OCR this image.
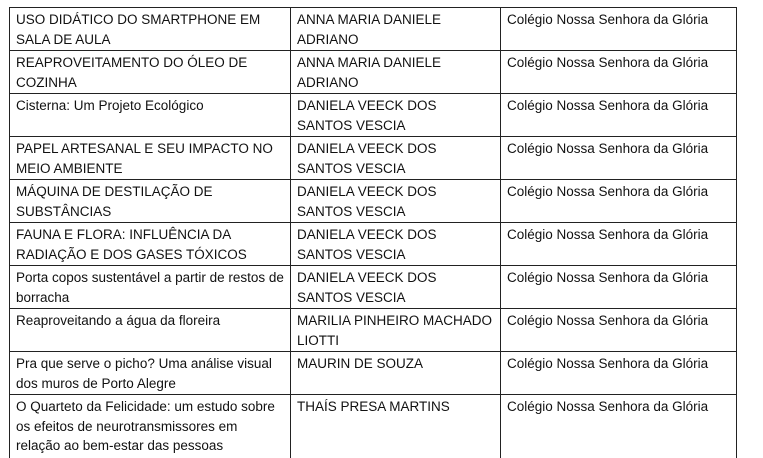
USO DIDÁTICO DO SMARTPHONE EM SALA DE AULA	ANNA MARIA DANIELE ADRIANO	Colégio Nossa Senhora da Glória
REAPROVEITAMENTO DO ÓLEO DE COZINHA	ANNA MARIA DANIELE ADRIANO	Colégio Nossa Senhora da Glória
Cisterna: Um Projeto Ecológico	DANIELA VEECK DOS SANTOS VESCIA	Colégio Nossa Senhora da Glória
PAPEL ARTESANAL E SEU IMPACTO NO MEIO AMBIENTE	DANIELA VEECK DOS SANTOS VESCIA	Colégio Nossa Senhora da Glória
MÁQUINA DE DESTILAÇÃO DE SUBSTÂNCIAS	DANIELA VEECK DOS SANTOS VESCIA	Colégio Nossa Senhora da Glória
FAUNA E FLORA: INFLUÊNCIA DA RADIAÇÃO E DOS GASES TÓXICOS	DANIELA VEECK DOS SANTOS VESCIA	Colégio Nossa Senhora da Glória
Porta copos sustentável a partir de restos de borracha	DANIELA VEECK DOS SANTOS VESCIA	Colégio Nossa Senhora da Glória
Reaproveitando a água da floreira	MARILIA PINHEIRO MACHADO LIOTTI	Colégio Nossa Senhora da Glória
Pra que serve o picho? Uma análise visual dos muros de Porto Alegre	MAURIN DE SOUZA	Colégio Nossa Senhora da Glória
O Quarteto da Felicidade: um estudo sobre os efeitos de neurotransmissores em relação ao bem-estar das pessoas	THAÍS PRESA MARTINS	Colégio Nossa Senhora da Glória
